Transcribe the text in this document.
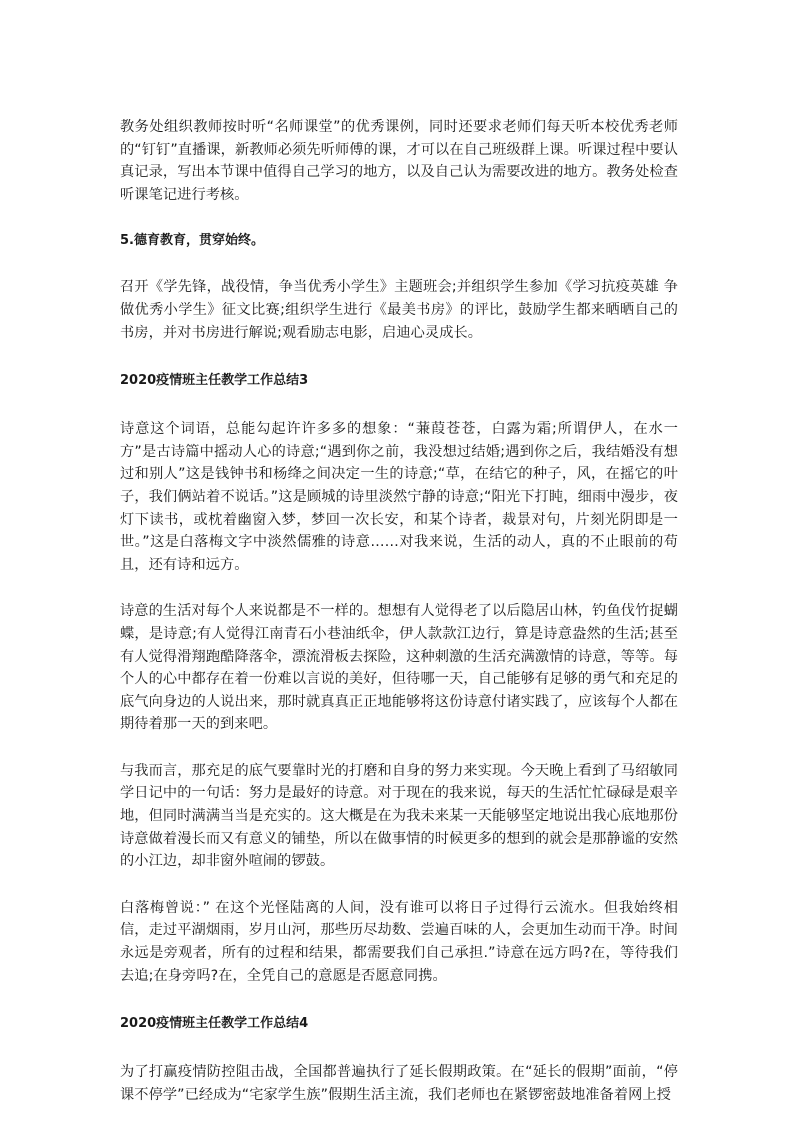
教务处组织教师按时听“名师课堂”的优秀课例，同时还要求老师们每天听本校优秀老师的“钉钉”直播课，新教师必须先听师傅的课，才可以在自己班级群上课。听课过程中要认真记录，写出本节课中值得自己学习的地方，以及自己认为需要改进的地方。教务处检查听课笔记进行考核。

5.德育教育，贯穿始终。

召开《学先锋，战役情，争当优秀小学生》主题班会;并组织学生参加《学习抗疫英雄 争做优秀小学生》征文比赛;组织学生进行《最美书房》的评比，鼓励学生都来晒晒自己的书房，并对书房进行解说;观看励志电影，启迪心灵成长。

2020疫情班主任教学工作总结3

诗意这个词语，总能勾起许许多多的想象：“蒹葭苍苍，白露为霜;所谓伊人，在水一方”是古诗篇中摇动人心的诗意;“遇到你之前，我没想过结婚;遇到你之后，我结婚没有想过和别人”这是钱钟书和杨绛之间决定一生的诗意;“草，在结它的种子，风，在摇它的叶子，我们俩站着不说话。”这是顾城的诗里淡然宁静的诗意;“阳光下打盹，细雨中漫步，夜灯下读书，或枕着幽窗入梦，梦回一次长安，和某个诗者，裁景对句，片刻光阴即是一世。”这是白落梅文字中淡然儒雅的诗意……对我来说，生活的动人，真的不止眼前的苟且，还有诗和远方。

诗意的生活对每个人来说都是不一样的。想想有人觉得老了以后隐居山林，钓鱼伐竹捉蝴蝶，是诗意;有人觉得江南青石小巷油纸伞，伊人款款江边行，算是诗意盎然的生活;甚至有人觉得滑翔跑酷降落伞，漂流滑板去探险，这种刺激的生活充满激情的诗意，等等。每个人的心中都存在着一份难以言说的美好，但待哪一天，自己能够有足够的勇气和充足的底气向身边的人说出来，那时就真真正正地能够将这份诗意付诸实践了，应该每个人都在期待着那一天的到来吧。

与我而言，那充足的底气要靠时光的打磨和自身的努力来实现。今天晚上看到了马绍敏同学日记中的一句话：努力是最好的诗意。对于现在的我来说，每天的生活忙忙碌碌是艰辛地，但同时满满当当是充实的。这大概是在为我未来某一天能够坚定地说出我心底地那份诗意做着漫长而又有意义的铺垫，所以在做事情的时候更多的想到的就会是那静谧的安然的小江边，却非窗外喧闹的锣鼓。

白落梅曾说：” 在这个光怪陆离的人间，没有谁可以将日子过得行云流水。但我始终相信，走过平湖烟雨，岁月山河，那些历尽劫数、尝遍百味的人，会更加生动而干净。时间永远是旁观者，所有的过程和结果，都需要我们自己承担.”诗意在远方吗?在，等待我们去追;在身旁吗?在，全凭自己的意愿是否愿意同携。

2020疫情班主任教学工作总结4

为了打赢疫情防控阻击战，全国都普遍执行了延长假期政策。在“延长的假期”面前，“停课不停学”已经成为“宅家学生族”假期生活主流，我们老师也在紧锣密鼓地准备着网上授
